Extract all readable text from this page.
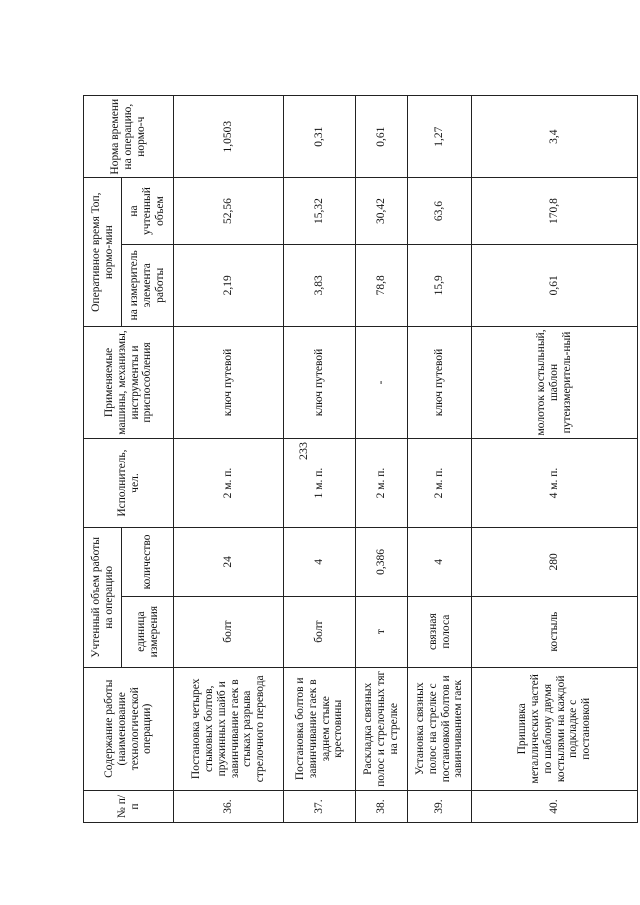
233
№ п/п	Содержание работы (наименование технологической операции)	Учтенный объем работы на операцию		Исполнитель, чел.	Применяемые машины, механизмы, инструменты и приспособления	Оперативное время Топ, нормо-мин		Норма времени на операцию, нормо-ч
		единица измерения	количество			на измеритель элемента работы	на учтенный объем	
36.	Постановка четырех стыковых болтов, пружинных шайб и завинчивание гаек в стыках разрыва стрелочного перевода	болт	24	2 м. п.	ключ путевой	2,19	52,56	1,0503
37.	Постановка болтов и завинчивание гаек в заднем стыке крестовины	болт	4	1 м. п.	ключ путевой	3,83	15,32	0,31
38.	Раскладка связных полос и стрелочных тяг на стрелке	т	0,386	2 м. п.	-	78,8	30,42	0,61
39.	Установка связных полос на стрелке с постановкой болтов и завинчиванием гаек	связная полоса	4	2 м. п.	ключ путевой	15,9	63,6	1,27
40.	Пришивка металлических частей по шаблону двумя костылями на каждой подкладке с постановкой	костыль	280	4 м. п.	молоток костыльный, шаблон путеизмеритель-ный	0,61	170,8	3,4
